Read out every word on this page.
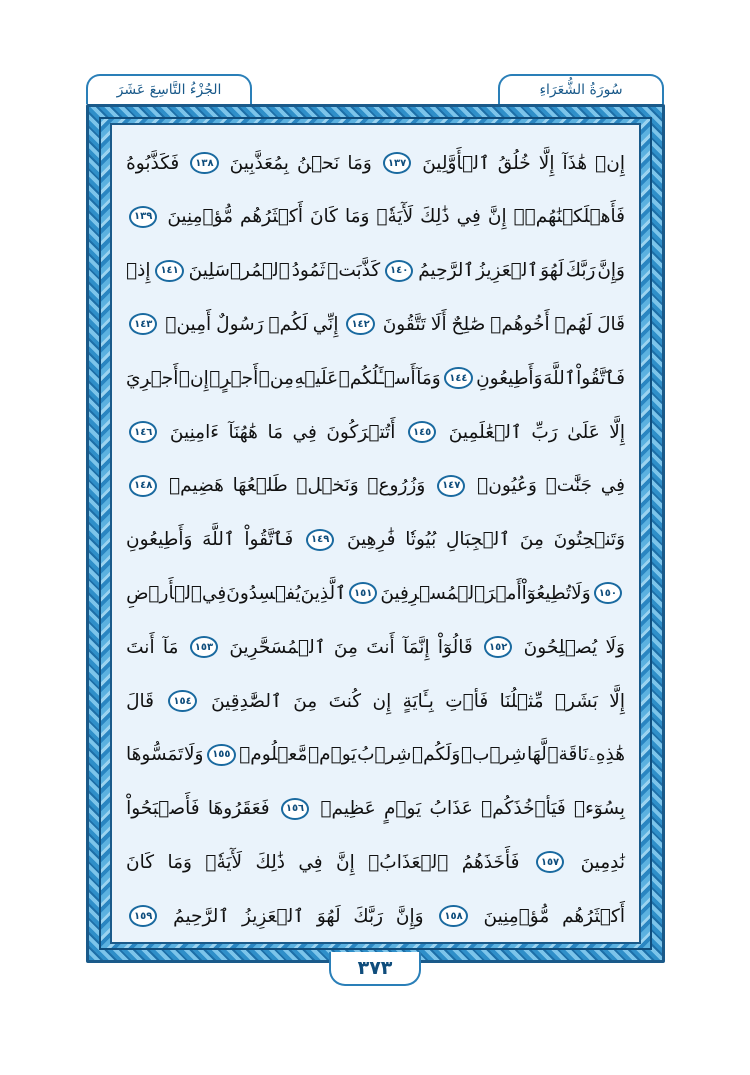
إِنۡ
هَٰذَآ
إِلَّا
خُلُقُ
ٱلۡأَوَّلِينَ
١٣٧
وَمَا
نَحۡنُ
بِمُعَذَّبِينَ
١٣٨
فَكَذَّبُوهُ
فَأَهۡلَكۡنَٰهُمۡۚ
إِنَّ
فِي
ذَٰلِكَ
لَأٓيَةٗۖ
وَمَا
كَانَ
أَكۡثَرُهُم
مُّؤۡمِنِينَ
١٣٩
وَإِنَّ
رَبَّكَ
لَهُوَ
ٱلۡعَزِيزُ
ٱلرَّحِيمُ
١٤٠
كَذَّبَتۡ
ثَمُودُ
ٱلۡمُرۡسَلِينَ
١٤١
إِذۡ
قَالَ
لَهُمۡ
أَخُوهُمۡ
صَٰلِحٌ
أَلَا
تَتَّقُونَ
١٤٢
إِنِّي
لَكُمۡ
رَسُولٌ
أَمِينٞ
١٤٣
فَٱتَّقُواْ
ٱللَّهَ
وَأَطِيعُونِ
١٤٤
وَمَآ
أَسۡـَٔلُكُمۡ
عَلَيۡهِ
مِنۡ
أَجۡرٍۖ
إِنۡ
أَجۡرِيَ
إِلَّا
عَلَىٰ
رَبِّ
ٱلۡعَٰلَمِينَ
١٤٥
أَتُتۡرَكُونَ
فِي
مَا
هَٰهُنَآ
ءَامِنِينَ
١٤٦
فِي
جَنَّٰتٖ
وَعُيُونٖ
١٤٧
وَزُرُوعٖ
وَنَخۡلٖ
طَلۡعُهَا
هَضِيمٞ
١٤٨
وَتَنۡحِتُونَ
مِنَ
ٱلۡجِبَالِ
بُيُوتٗا
فَٰرِهِينَ
١٤٩
فَٱتَّقُواْ
ٱللَّهَ
وَأَطِيعُونِ
١٥٠
وَلَا
تُطِيعُوٓاْ
أَمۡرَ
ٱلۡمُسۡرِفِينَ
١٥١
ٱلَّذِينَ
يُفۡسِدُونَ
فِي
ٱلۡأَرۡضِ
وَلَا
يُصۡلِحُونَ
١٥٢
قَالُوٓاْ
إِنَّمَآ
أَنتَ
مِنَ
ٱلۡمُسَحَّرِينَ
١٥٣
مَآ
أَنتَ
إِلَّا
بَشَرٞ
مِّثۡلُنَا
فَأۡتِ
بِـَٔايَةٍ
إِن
كُنتَ
مِنَ
ٱلصَّٰدِقِينَ
١٥٤
قَالَ
هَٰذِهِۦ
نَاقَةٞ
لَّهَا
شِرۡبٞ
وَلَكُمۡ
شِرۡبُ
يَوۡمٖ
مَّعۡلُومٖ
١٥٥
وَلَا
تَمَسُّوهَا
بِسُوٓءٖ
فَيَأۡخُذَكُمۡ
عَذَابُ
يَوۡمٍ
عَظِيمٖ
١٥٦
فَعَقَرُوهَا
فَأَصۡبَحُواْ
نَٰدِمِينَ
١٥٧
فَأَخَذَهُمُ
ٱلۡعَذَابُۚ
إِنَّ
فِي
ذَٰلِكَ
لَأٓيَةٗۖ
وَمَا
كَانَ
أَكۡثَرُهُم
مُّؤۡمِنِينَ
١٥٨
وَإِنَّ
رَبَّكَ
لَهُوَ
ٱلۡعَزِيزُ
ٱلرَّحِيمُ
١٥٩
سُورَةُ الشُّعَرَاءِ
الجُزْءُ التَّاسِعَ عَشَرَ
٣٧٣
